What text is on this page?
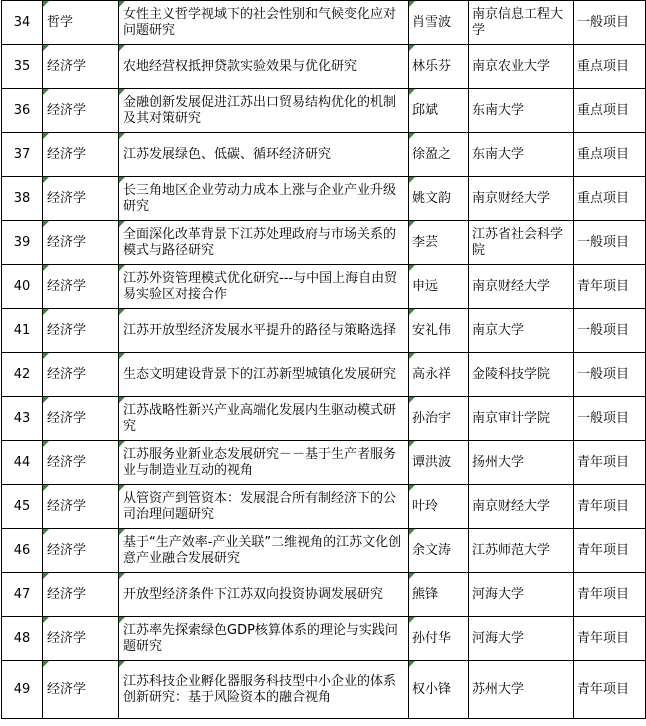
34	哲学	女性主义哲学视域下的社会性别和气候变化应对问题研究	肖雪波	南京信息工程大学	一般项目
35	经济学	农地经营权抵押贷款实验效果与优化研究	林乐芬	南京农业大学	重点项目
36	经济学	金融创新发展促进江苏出口贸易结构优化的机制及其对策研究	邱斌	东南大学	重点项目
37	经济学	江苏发展绿色、低碳、循环经济研究	徐盈之	东南大学	重点项目
38	经济学	长三角地区企业劳动力成本上涨与企业产业升级研究	姚文韵	南京财经大学	重点项目
39	经济学	全面深化改革背景下江苏处理政府与市场关系的模式与路径研究	李芸	江苏省社会科学院	一般项目
40	经济学	江苏外资管理模式优化研究---与中国上海自由贸易实验区对接合作	申远	南京财经大学	青年项目
41	经济学	江苏开放型经济发展水平提升的路径与策略选择	安礼伟	南京大学	一般项目
42	经济学	生态文明建设背景下的江苏新型城镇化发展研究	高永祥	金陵科技学院	一般项目
43	经济学	江苏战略性新兴产业高端化发展内生驱动模式研究	孙治宇	南京审计学院	一般项目
44	经济学	江苏服务业新业态发展研究－－基于生产者服务业与制造业互动的视角	谭洪波	扬州大学	青年项目
45	经济学	从管资产到管资本：发展混合所有制经济下的公司治理问题研究	叶玲	南京财经大学	青年项目
46	经济学	基于“生产效率-产业关联”二维视角的江苏文化创意产业融合发展研究	余文涛	江苏师范大学	青年项目
47	经济学	开放型经济条件下江苏双向投资协调发展研究	熊锋	河海大学	青年项目
48	经济学	江苏率先探索绿色GDP核算体系的理论与实践问题研究	孙付华	河海大学	青年项目
49	经济学	江苏科技企业孵化器服务科技型中小企业的体系创新研究：基于风险资本的融合视角	权小锋	苏州大学	青年项目
